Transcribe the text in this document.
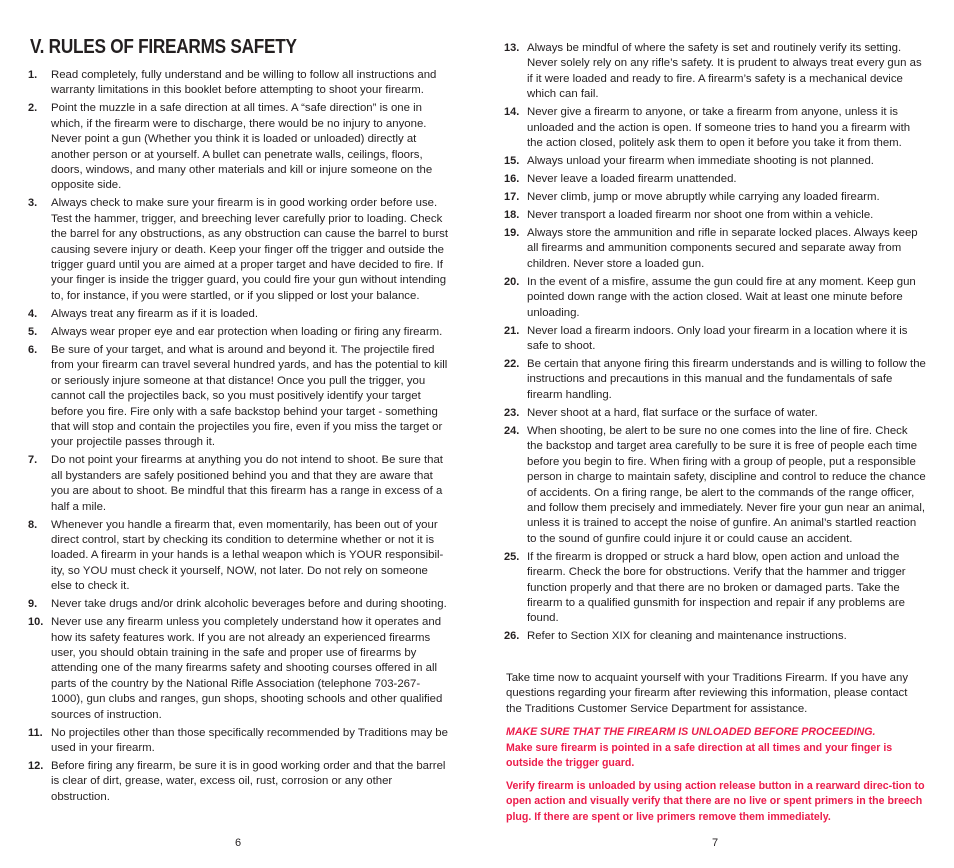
V. RULES OF FIREARMS SAFETY
1. Read completely, fully understand and be willing to follow all instructions and warranty limitations in this booklet before attempting to shoot your firearm.
2. Point the muzzle in a safe direction at all times. A “safe direction” is one in which, if the firearm were to discharge, there would be no injury to anyone. Never point a gun (Whether you think it is loaded or unloaded) directly at another person or at yourself. A bullet can penetrate walls, ceilings, floors, doors, windows, and many other materials and kill or injure someone on the opposite side.
3. Always check to make sure your firearm is in good working order before use. Test the hammer, trigger, and breeching lever carefully prior to loading. Check the barrel for any obstructions, as any obstruction can cause the barrel to burst causing severe injury or death. Keep your finger off the trigger and outside the trigger guard until you are aimed at a proper target and have decided to fire. If your finger is inside the trigger guard, you could fire your gun without intending to, for instance, if you were startled, or if you slipped or lost your balance.
4. Always treat any firearm as if it is loaded.
5. Always wear proper eye and ear protection when loading or firing any firearm.
6. Be sure of your target, and what is around and beyond it. The projectile fired from your firearm can travel several hundred yards, and has the potential to kill or seriously injure someone at that distance! Once you pull the trigger, you cannot call the projectiles back, so you must positively identify your target before you fire. Fire only with a safe backstop behind your target - something that will stop and contain the projectiles you fire, even if you miss the target or your projectile passes through it.
7. Do not point your firearms at anything you do not intend to shoot. Be sure that all bystanders are safely positioned behind you and that they are aware that you are about to shoot. Be mindful that this firearm has a range in excess of a half a mile.
8. Whenever you handle a firearm that, even momentarily, has been out of your direct control, start by checking its condition to determine whether or not it is loaded. A firearm in your hands is a lethal weapon which is YOUR responsibil-ity, so YOU must check it yourself, NOW, not later. Do not rely on someone else to check it.
9. Never take drugs and/or drink alcoholic beverages before and during shooting.
10. Never use any firearm unless you completely understand how it operates and how its safety features work. If you are not already an experienced firearms user, you should obtain training in the safe and proper use of firearms by attending one of the many firearms safety and shooting courses offered in all parts of the country by the National Rifle Association (telephone 703-267-1000), gun clubs and ranges, gun shops, shooting schools and other qualified sources of instruction.
11. No projectiles other than those specifically recommended by Traditions may be used in your firearm.
12. Before firing any firearm, be sure it is in good working order and that the barrel is clear of dirt, grease, water, excess oil, rust, corrosion or any other obstruction.
6
13. Always be mindful of where the safety is set and routinely verify its setting. Never solely rely on any rifle’s safety. It is prudent to always treat every gun as if it were loaded and ready to fire. A firearm’s safety is a mechanical device which can fail.
14. Never give a firearm to anyone, or take a firearm from anyone, unless it is unloaded and the action is open. If someone tries to hand you a firearm with the action closed, politely ask them to open it before you take it from them.
15. Always unload your firearm when immediate shooting is not planned.
16. Never leave a loaded firearm unattended.
17. Never climb, jump or move abruptly while carrying any loaded firearm.
18. Never transport a loaded firearm nor shoot one from within a vehicle.
19. Always store the ammunition and rifle in separate locked places. Always keep all firearms and ammunition components secured and separate away from children. Never store a loaded gun.
20. In the event of a misfire, assume the gun could fire at any moment. Keep gun pointed down range with the action closed. Wait at least one minute before unloading.
21. Never load a firearm indoors. Only load your firearm in a location where it is safe to shoot.
22. Be certain that anyone firing this firearm understands and is willing to follow the instructions and precautions in this manual and the fundamentals of safe firearm handling.
23. Never shoot at a hard, flat surface or the surface of water.
24. When shooting, be alert to be sure no one comes into the line of fire. Check the backstop and target area carefully to be sure it is free of people each time before you begin to fire. When firing with a group of people, put a responsible person in charge to maintain safety, discipline and control to reduce the chance of accidents. On a firing range, be alert to the commands of the range officer, and follow them precisely and immediately. Never fire your gun near an animal, unless it is trained to accept the noise of gunfire. An animal’s startled reaction to the sound of gunfire could injure it or could cause an accident.
25. If the firearm is dropped or struck a hard blow, open action and unload the firearm. Check the bore for obstructions. Verify that the hammer and trigger function properly and that there are no broken or damaged parts. Take the firearm to a qualified gunsmith for inspection and repair if any problems are found.
26. Refer to Section XIX for cleaning and maintenance instructions.

Take time now to acquaint yourself with your Traditions Firearm. If you have any questions regarding your firearm after reviewing this information, please contact the Traditions Customer Service Department for assistance.

MAKE SURE THAT THE FIREARM IS UNLOADED BEFORE PROCEEDING.

Make sure firearm is pointed in a safe direction at all times and your finger is outside the trigger guard.

Verify firearm is unloaded by using action release button in a rearward direc-tion to open action and visually verify that there are no live or spent primers in the breech plug. If there are spent or live primers remove them immediately.

7
